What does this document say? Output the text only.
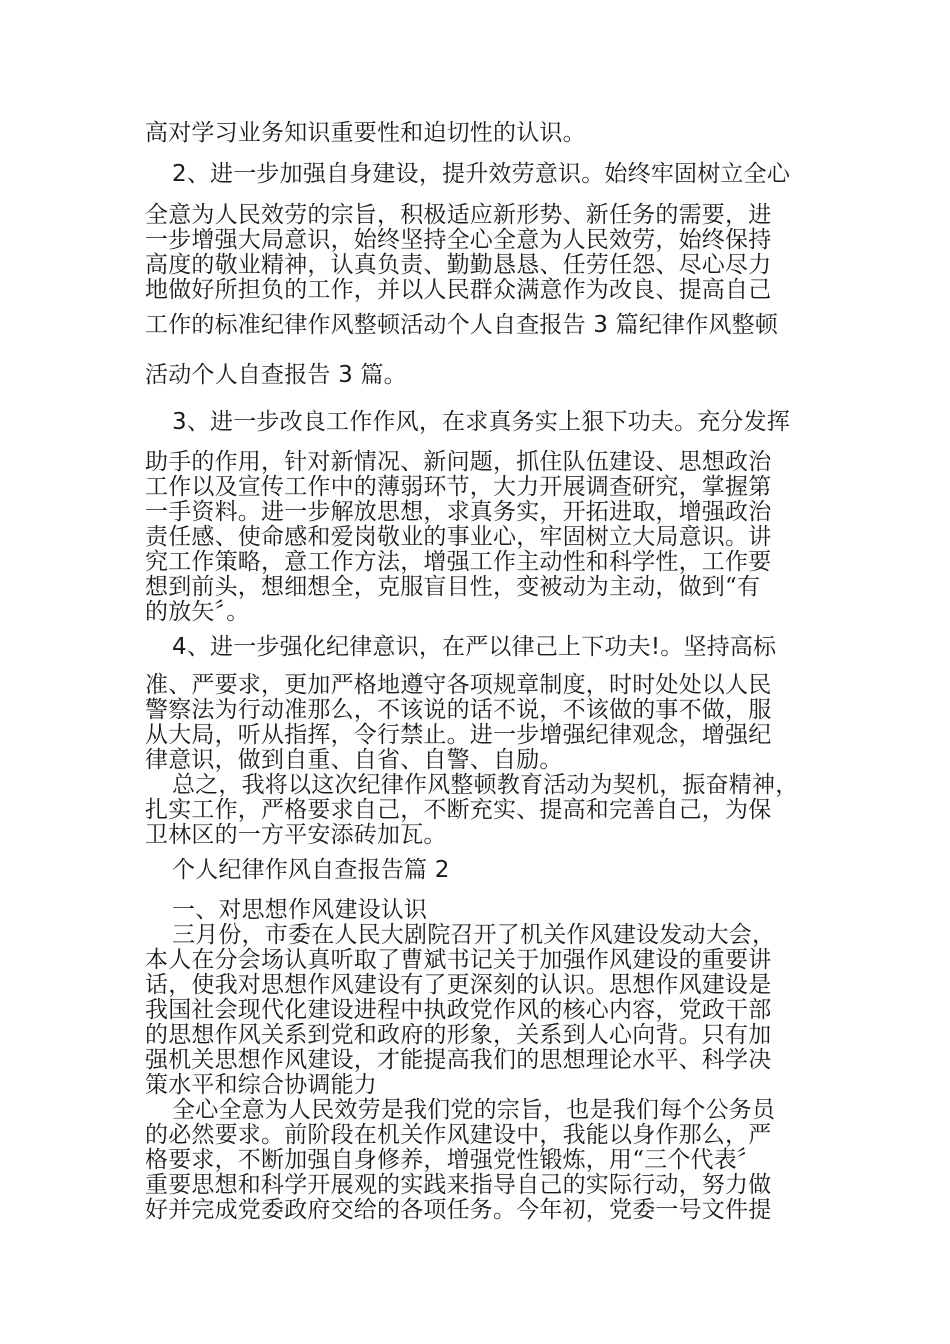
高对学习业务知识重要性和迫切性的认识。

2、进一步加强自身建设，提升效劳意识。始终牢固树立全心

全意为人民效劳的宗旨，积极适应新形势、新任务的需要，进

一步增强大局意识，始终坚持全心全意为人民效劳，始终保持

高度的敬业精神，认真负责、勤勤恳恳、任劳任怨、尽心尽力

地做好所担负的工作，并以人民群众满意作为改良、提高自己

工作的标准纪律作风整顿活动个人自查报告 3 篇纪律作风整顿

活动个人自查报告 3 篇。

3、进一步改良工作作风，在求真务实上狠下功夫。充分发挥

助手的作用，针对新情况、新问题，抓住队伍建设、思想政治

工作以及宣传工作中的薄弱环节，大力开展调查研究，掌握第

一手资料。进一步解放思想，求真务实，开拓进取，增强政治

责任感、使命感和爱岗敬业的事业心，牢固树立大局意识。讲

究工作策略，意工作方法，增强工作主动性和科学性，工作要

想到前头，想细想全，克服盲目性，变被动为主动，做到“有

的放矢〞。

4、进一步强化纪律意识，在严以律己上下功夫!。坚持高标

准、严要求，更加严格地遵守各项规章制度，时时处处以人民

警察法为行动准那么，不该说的话不说，不该做的事不做，服

从大局，听从指挥，令行禁止。进一步增强纪律观念，增强纪

律意识，做到自重、自省、自警、自励。

总之，我将以这次纪律作风整顿教育活动为契机，振奋精神，

扎实工作，严格要求自己，不断充实、提高和完善自己，为保

卫林区的一方平安添砖加瓦。

个人纪律作风自查报告篇 2

一、对思想作风建设认识

三月份，市委在人民大剧院召开了机关作风建设发动大会，

本人在分会场认真听取了曹斌书记关于加强作风建设的重要讲

话，使我对思想作风建设有了更深刻的认识。思想作风建设是

我国社会现代化建设进程中执政党作风的核心内容，党政干部

的思想作风关系到党和政府的形象，关系到人心向背。只有加

强机关思想作风建设，才能提高我们的思想理论水平、科学决

策水平和综合协调能力

全心全意为人民效劳是我们党的宗旨，也是我们每个公务员

的必然要求。前阶段在机关作风建设中，我能以身作那么，严

格要求，不断加强自身修养，增强党性锻炼，用“三个代表〞

重要思想和科学开展观的实践来指导自己的实际行动，努力做

好并完成党委政府交给的各项任务。今年初，党委一号文件提
